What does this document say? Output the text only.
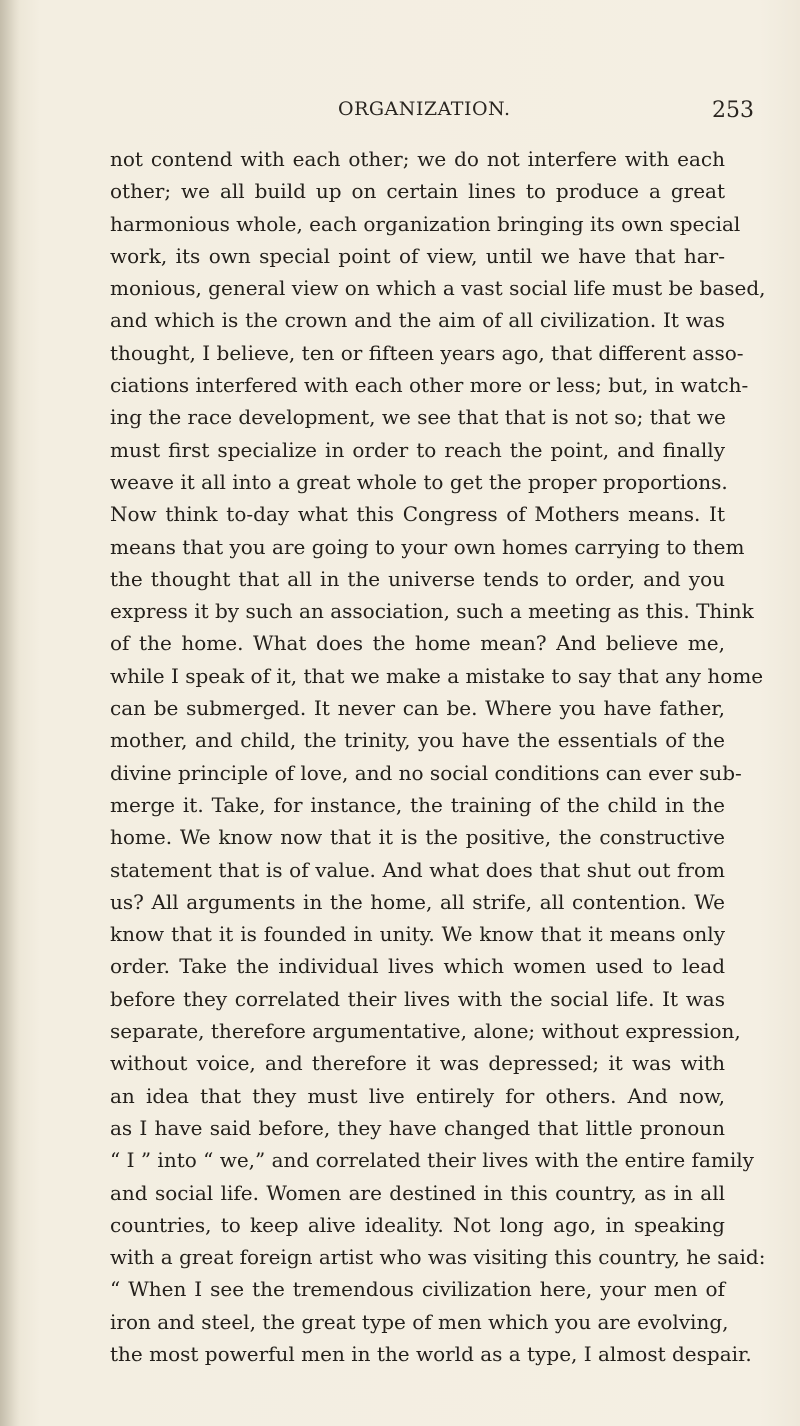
ORGANIZATION.	253
not contend with each other; we do not interfere with each
other; we all build up on certain lines to produce a great
harmonious whole, each organization bringing its own special
work, its own special point of view, until we have that har-
monious, general view on which a vast social life must be based,
and which is the crown and the aim of all civilization. It was
thought, I believe, ten or fifteen years ago, that different asso-
ciations interfered with each other more or less; but, in watch-
ing the race development, we see that that is not so; that we
must first specialize in order to reach the point, and finally
weave it all into a great whole to get the proper proportions.
Now think to-day what this Congress of Mothers means. It
means that you are going to your own homes carrying to them
the thought that all in the universe tends to order, and you
express it by such an association, such a meeting as this. Think
of the home. What does the home mean? And believe me,
while I speak of it, that we make a mistake to say that any home
can be submerged. It never can be. Where you have father,
mother, and child, the trinity, you have the essentials of the
divine principle of love, and no social conditions can ever sub-
merge it. Take, for instance, the training of the child in the
home. We know now that it is the positive, the constructive
statement that is of value. And what does that shut out from
us? All arguments in the home, all strife, all contention. We
know that it is founded in unity. We know that it means only
order. Take the individual lives which women used to lead
before they correlated their lives with the social life. It was
separate, therefore argumentative, alone; without expression,
without voice, and therefore it was depressed; it was with
an idea that they must live entirely for others. And now,
as I have said before, they have changed that little pronoun
“ I ” into “ we,” and correlated their lives with the entire family
and social life. Women are destined in this country, as in all
countries, to keep alive ideality. Not long ago, in speaking
with a great foreign artist who was visiting this country, he said:
“ When I see the tremendous civilization here, your men of
iron and steel, the great type of men which you are evolving,
the most powerful men in the world as a type, I almost despair.
